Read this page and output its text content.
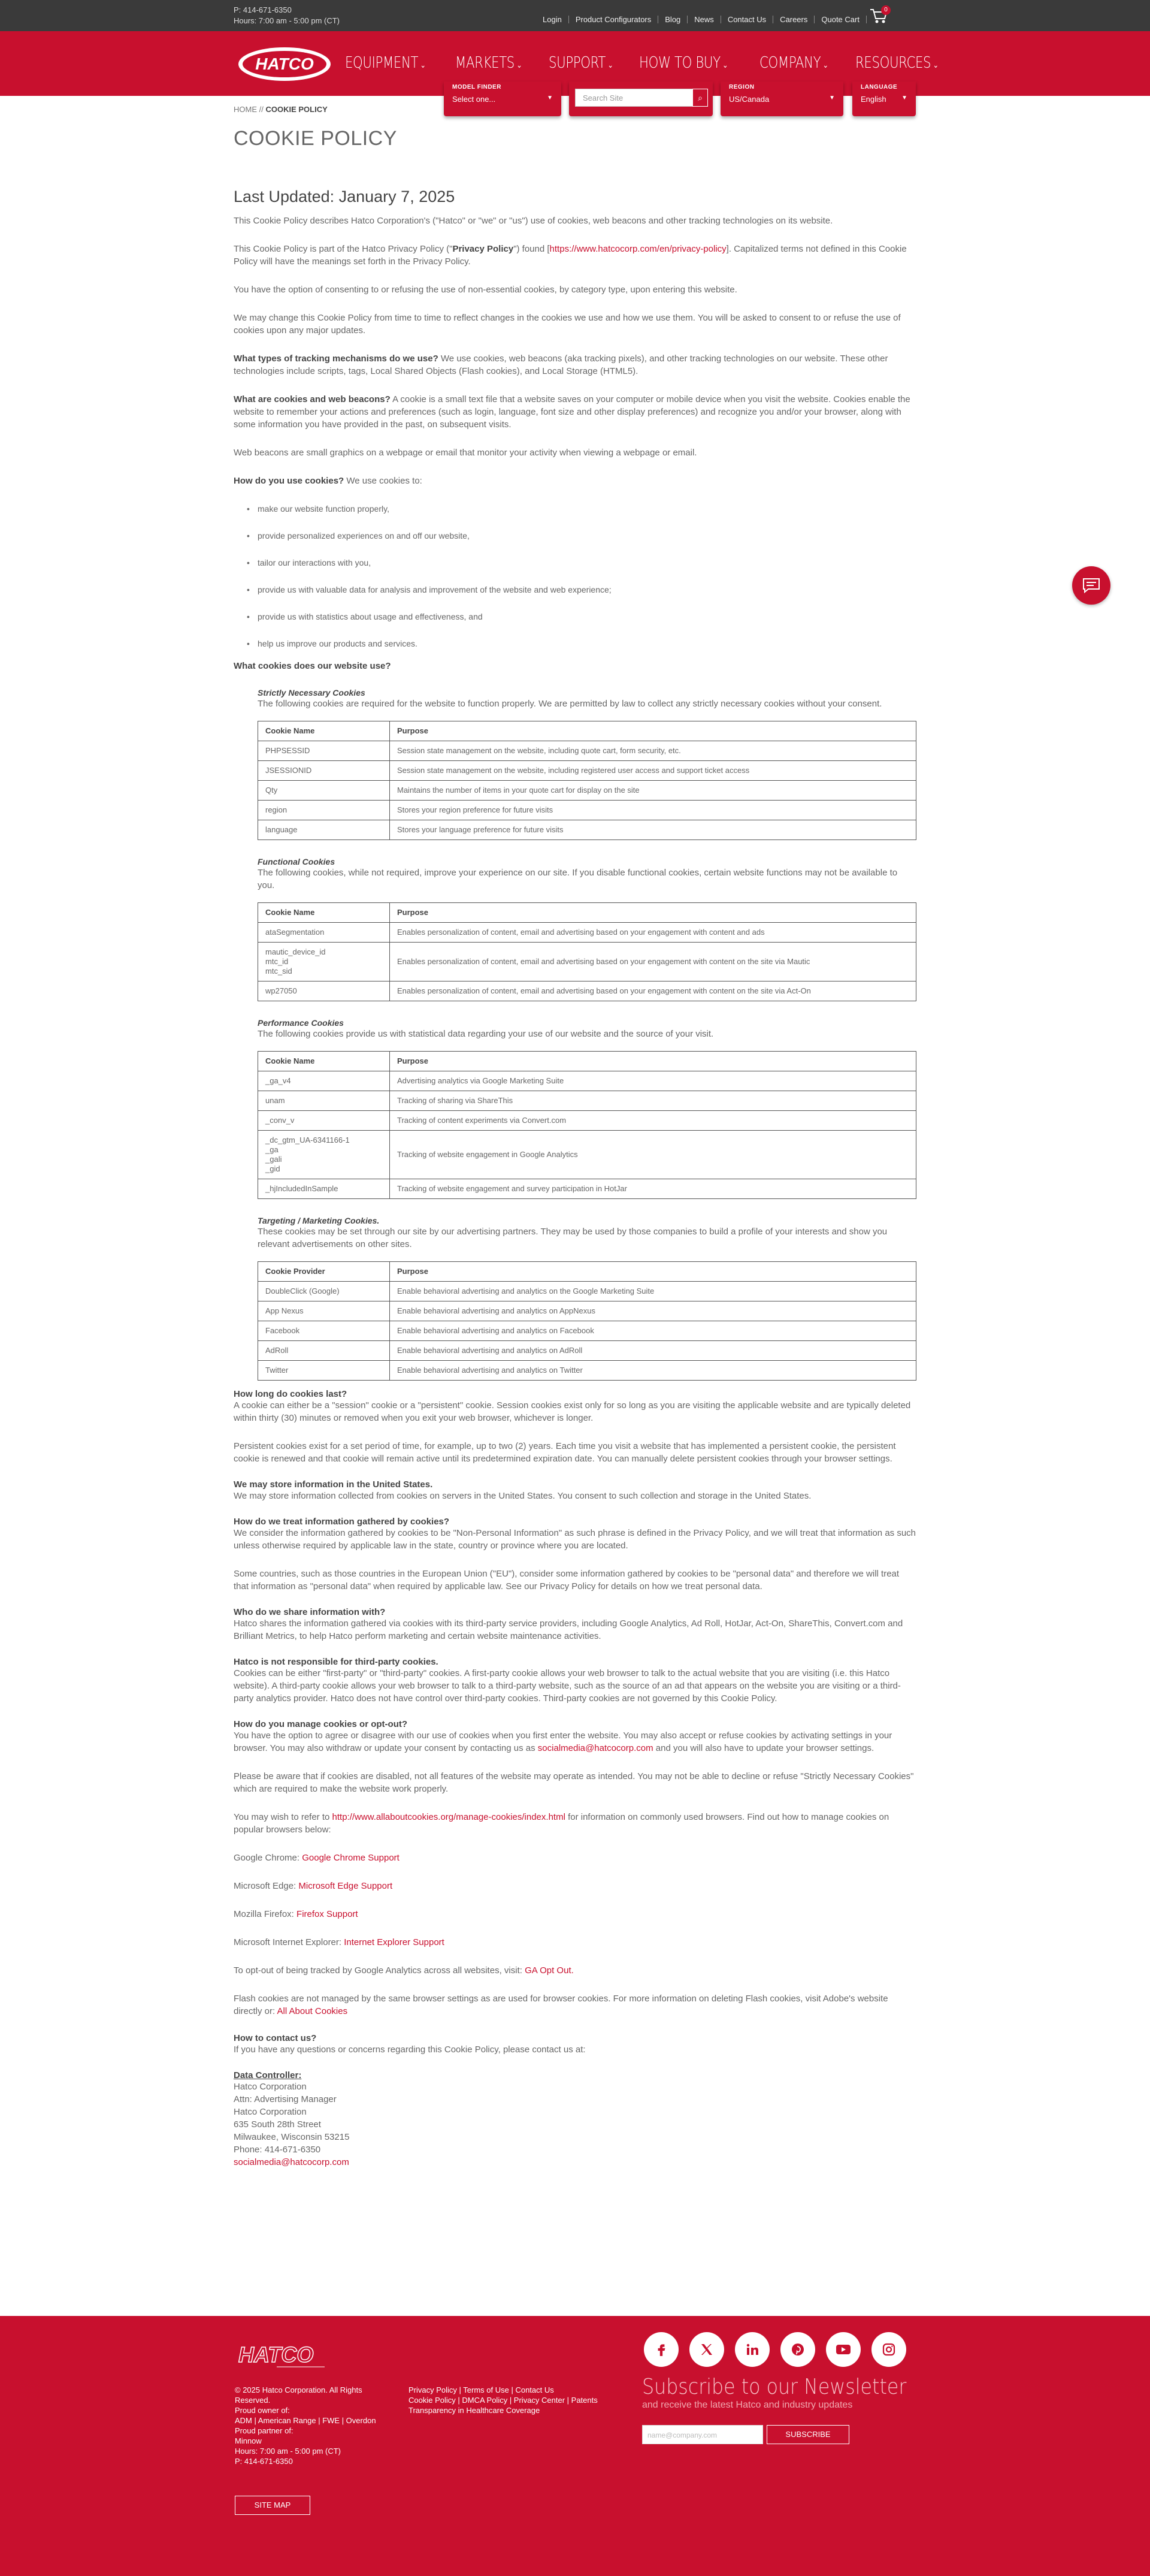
P: 414-671-6350
Hours: 7:00 am - 5:00 pm (CT)	Login	Product Configurators	Blog	News	Contact Us	Careers	Quote Cart
0
HATCO EQUIPMENT ⌄ MARKETS ⌄ SUPPORT ⌄ HOW TO BUY ⌄ COMPANY ⌄ RESOURCES ⌄
MODEL FINDER
Select one...	▼	Search Site	⌕
REGION
US/Canada	▼
LANGUAGE
English	▼
HOME // COOKIE POLICY
COOKIE POLICY
Last Updated: January 7, 2025

This Cookie Policy describes Hatco Corporation's ("Hatco" or "we" or "us") use of cookies, web beacons and other tracking technologies on its website.

This Cookie Policy is part of the Hatco Privacy Policy ("Privacy Policy") found [https://www.hatcocorp.com/en/privacy-policy]. Capitalized terms not defined in this Cookie Policy will have the meanings set forth in the Privacy Policy.

You have the option of consenting to or refusing the use of non-essential cookies, by category type, upon entering this website.

We may change this Cookie Policy from time to time to reflect changes in the cookies we use and how we use them. You will be asked to consent to or refuse the use of cookies upon any major updates.

What types of tracking mechanisms do we use? We use cookies, web beacons (aka tracking pixels), and other tracking technologies on our website. These other technologies include scripts, tags, Local Shared Objects (Flash cookies), and Local Storage (HTML5).

What are cookies and web beacons? A cookie is a small text file that a website saves on your computer or mobile device when you visit the website. Cookies enable the website to remember your actions and preferences (such as login, language, font size and other display preferences) and recognize you and/or your browser, along with some information you have provided in the past, on subsequent visits.

Web beacons are small graphics on a webpage or email that monitor your activity when viewing a webpage or email.

How do you use cookies? We use cookies to:

• make our website function properly,
• provide personalized experiences on and off our website,
• tailor our interactions with you,
• provide us with valuable data for analysis and improvement of the website and web experience;
• provide us with statistics about usage and effectiveness, and
• help us improve our products and services.
What cookies does our website use?
Strictly Necessary Cookies
The following cookies are required for the website to function properly. We are permitted by law to collect any strictly necessary cookies without your consent.
Cookie Name	Purpose
PHPSESSID	Session state management on the website, including quote cart, form security, etc.
JSESSIONID	Session state management on the website, including registered user access and support ticket access
Qty	Maintains the number of items in your quote cart for display on the site
region	Stores your region preference for future visits
language	Stores your language preference for future visits
Functional Cookies
The following cookies, while not required, improve your experience on our site. If you disable functional cookies, certain website functions may not be available to you.
Cookie Name	Purpose
ataSegmentation	Enables personalization of content, email and advertising based on your engagement with content and ads
mautic_device_id
mtc_id
mtc_sid	Enables personalization of content, email and advertising based on your engagement with content on the site via Mautic
wp27050	Enables personalization of content, email and advertising based on your engagement with content on the site via Act-On
Performance Cookies
The following cookies provide us with statistical data regarding your use of our website and the source of your visit.
Cookie Name	Purpose
_ga_v4	Advertising analytics via Google Marketing Suite
unam	Tracking of sharing via ShareThis
_conv_v	Tracking of content experiments via Convert.com
_dc_gtm_UA-6341166-1
_ga
_gali
_gid	Tracking of website engagement in Google Analytics
_hjIncludedInSample	Tracking of website engagement and survey participation in HotJar
Targeting / Marketing Cookies.
These cookies may be set through our site by our advertising partners. They may be used by those companies to build a profile of your interests and show you relevant advertisements on other sites.
Cookie Provider	Purpose
DoubleClick (Google)	Enable behavioral advertising and analytics on the Google Marketing Suite
App Nexus	Enable behavioral advertising and analytics on AppNexus
Facebook	Enable behavioral advertising and analytics on Facebook
AdRoll	Enable behavioral advertising and analytics on AdRoll
Twitter	Enable behavioral advertising and analytics on Twitter
How long do cookies last?
A cookie can either be a "session" cookie or a "persistent" cookie. Session cookies exist only for so long as you are visiting the applicable website and are typically deleted within thirty (30) minutes or removed when you exit your web browser, whichever is longer.

Persistent cookies exist for a set period of time, for example, up to two (2) years. Each time you visit a website that has implemented a persistent cookie, the persistent cookie is renewed and that cookie will remain active until its predetermined expiration date. You can manually delete persistent cookies through your browser settings.

We may store information in the United States.
We may store information collected from cookies on servers in the United States. You consent to such collection and storage in the United States.
How do we treat information gathered by cookies?
We consider the information gathered by cookies to be "Non-Personal Information" as such phrase is defined in the Privacy Policy, and we will treat that information as such unless otherwise required by applicable law in the state, country or province where you are located.

Some countries, such as those countries in the European Union ("EU"), consider some information gathered by cookies to be "personal data" and therefore we will treat that information as "personal data" when required by applicable law. See our Privacy Policy for details on how we treat personal data.

Who do we share information with?
Hatco shares the information gathered via cookies with its third-party service providers, including Google Analytics, Ad Roll, HotJar, Act-On, ShareThis, Convert.com and Brilliant Metrics, to help Hatco perform marketing and certain website maintenance activities.
Hatco is not responsible for third-party cookies.
Cookies can be either "first-party" or "third-party" cookies. A first-party cookie allows your web browser to talk to the actual website that you are visiting (i.e. this Hatco website). A third-party cookie allows your web browser to talk to a third-party website, such as the source of an ad that appears on the website you are visiting or a third-party analytics provider. Hatco does not have control over third-party cookies. Third-party cookies are not governed by this Cookie Policy.
How do you manage cookies or opt-out?
You have the option to agree or disagree with our use of cookies when you first enter the website. You may also accept or refuse cookies by activating settings in your browser. You may also withdraw or update your consent by contacting us as socialmedia@hatcocorp.com and you will also have to update your browser settings.

Please be aware that if cookies are disabled, not all features of the website may operate as intended. You may not be able to decline or refuse "Strictly Necessary Cookies" which are required to make the website work properly.

You may wish to refer to http://www.allaboutcookies.org/manage-cookies/index.html for information on commonly used browsers. Find out how to manage cookies on popular browsers below:

Google Chrome: Google Chrome Support

Microsoft Edge: Microsoft Edge Support

Mozilla Firefox: Firefox Support

Microsoft Internet Explorer: Internet Explorer Support

To opt-out of being tracked by Google Analytics across all websites, visit: GA Opt Out.

Flash cookies are not managed by the same browser settings as are used for browser cookies. For more information on deleting Flash cookies, visit Adobe's website directly or: All About Cookies

How to contact us?
If you have any questions or concerns regarding this Cookie Policy, please contact us at:
Data Controller:
Hatco Corporation
Attn: Advertising Manager
Hatco Corporation
635 South 28th Street
Milwaukee, Wisconsin 53215
Phone: 414-671-6350
socialmedia@hatcocorp.com
HATCO
© 2025 Hatco Corporation. All Rights Reserved.
Proud owner of:
ADM | American Range | FWE | Overdon
Proud partner of:
Minnow
Hours: 7:00 am - 5:00 pm (CT)
P: 414-671-6350
Privacy Policy | Terms of Use | Contact Us
Cookie Policy | DMCA Policy | Privacy Center | Patents
Transparency in Healthcare Coverage
Subscribe to our Newsletter
and receive the latest Hatco and industry updates
name@company.com	SUBSCRIBE
SITE MAP
